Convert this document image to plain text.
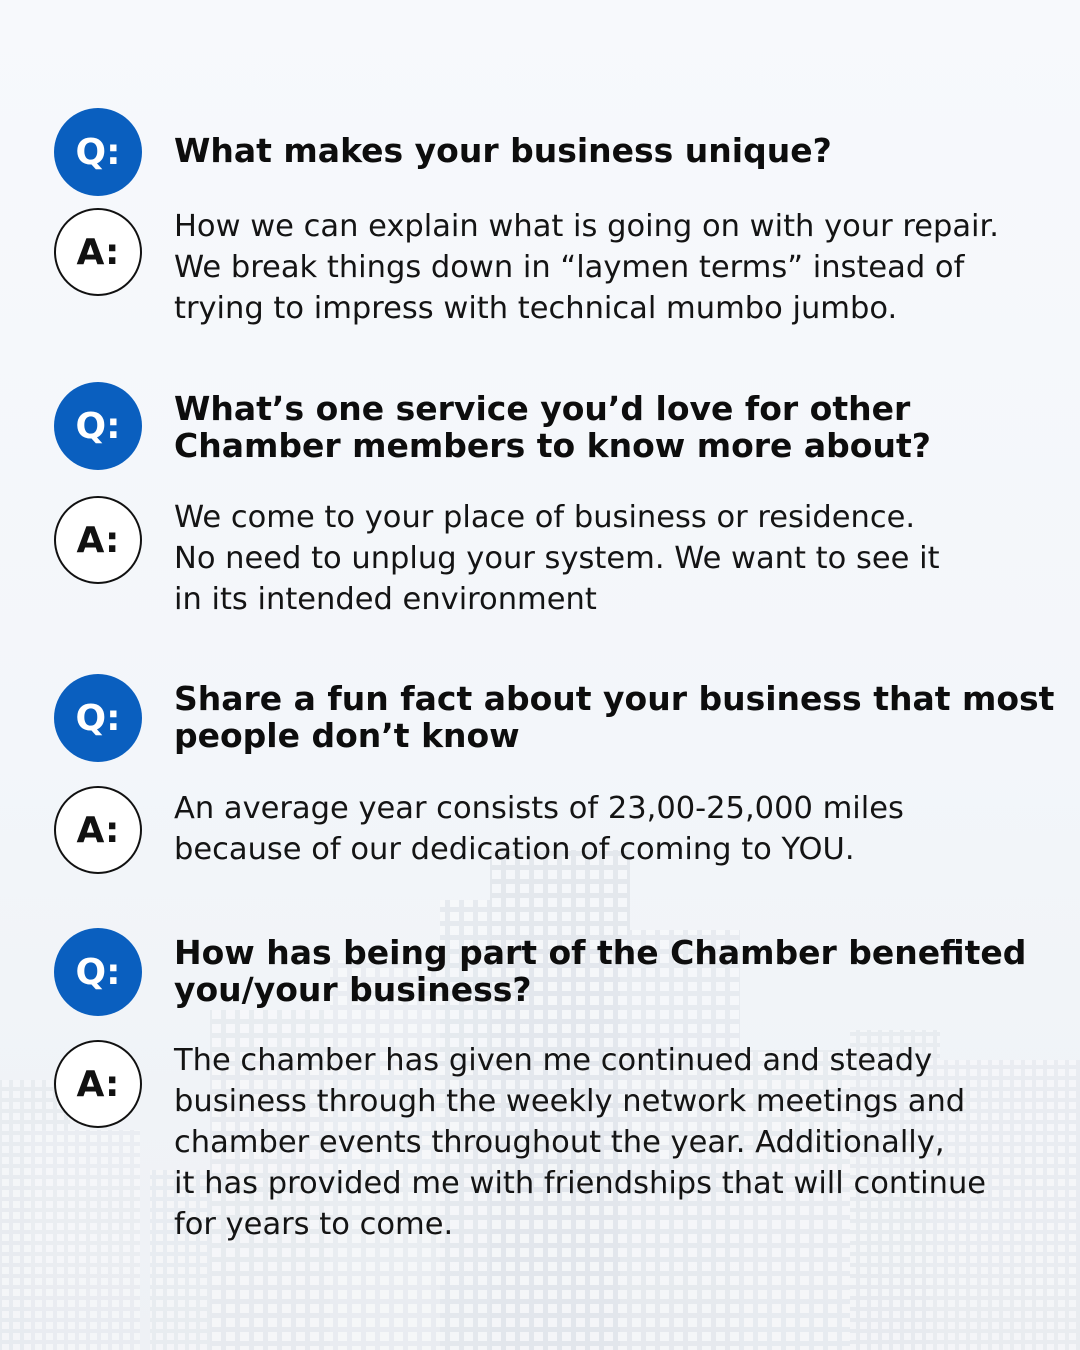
Q:	What makes your business unique?
A:

How we can explain what is going on with your repair.
We break things down in “laymen terms” instead of
trying to impress with technical mumbo jumbo.

Q:	What’s one service you’d love for other
Chamber members to know more about?
A:

We come to your place of business or residence.
No need to unplug your system. We want to see it
in its intended environment

Q:	Share a fun fact about your business that most
people don’t know
A:

An average year consists of 23,00-25,000 miles
because of our dedication of coming to YOU.

Q:	How has being part of the Chamber benefited
you/your business?
A:

The chamber has given me continued and steady
business through the weekly network meetings and
chamber events throughout the year. Additionally,
it has provided me with friendships that will continue
for years to come.
